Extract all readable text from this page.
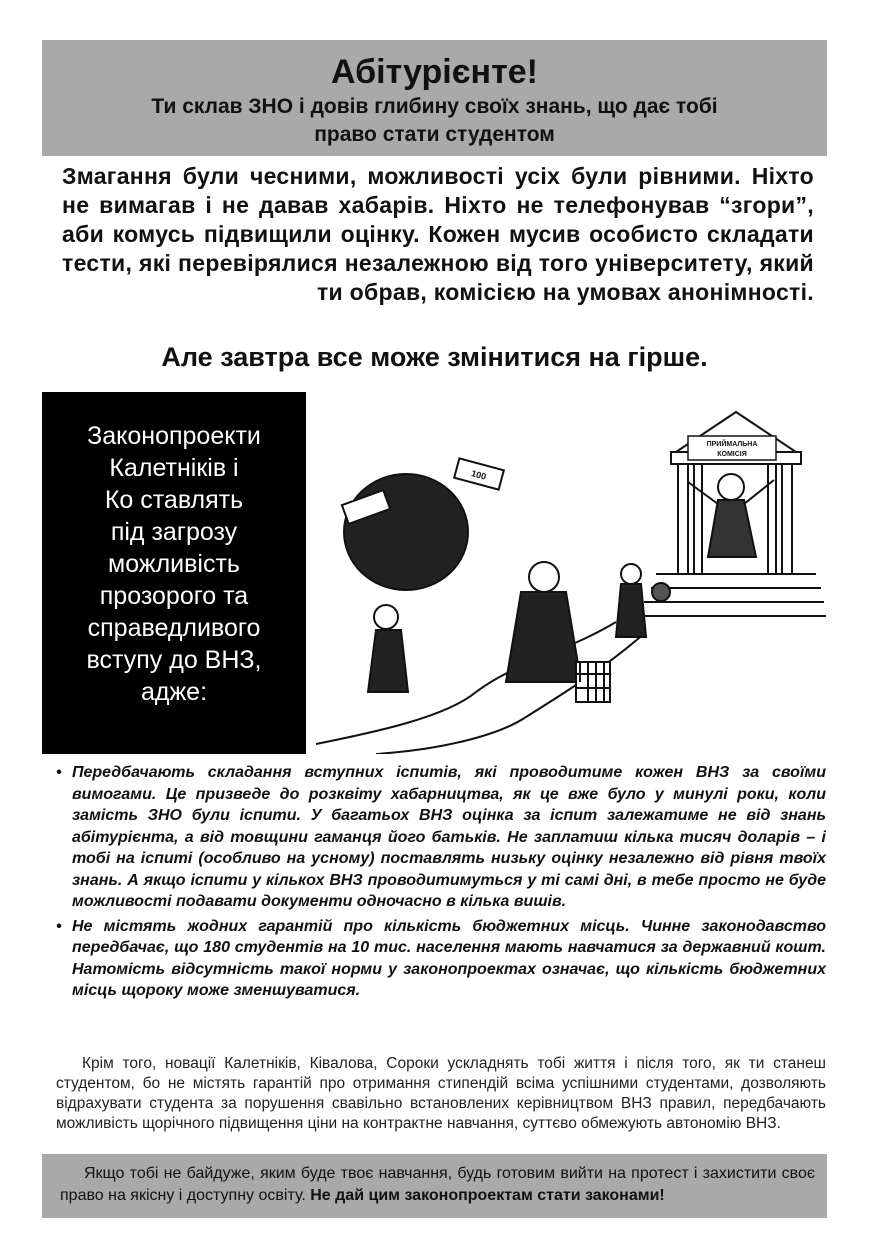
Абітурієнте!
Ти склав ЗНО і довів глибину своїх знань, що дає тобі
право стати студентом
Змагання були чесними, можливості усіх були рівними. Ніхто не вимагав і не давав хабарів. Ніхто не телефонував “згори”, аби комусь підвищили оцінку. Кожен мусив особисто складати тести, які перевірялися незалежною від того університету, який ти обрав, комісією на умовах анонімності.
Але завтра все може змінитися на гірше.
Законопроекти
Калетніків і
Ко ставлять
під загрозу
можливість
прозорого та
справедливого
вступу до ВНЗ,
адже:
ПРИЙМАЛЬНА
КОМІСІЯ
100
• Передбачають складання вступних іспитів, які проводитиме кожен ВНЗ за своїми вимогами. Це призведе до розквіту хабарництва, як це вже було у минулі роки, коли замість ЗНО були іспити. У багатьох ВНЗ оцінка за іспит залежатиме не від знань абітурієнта, а від товщини гаманця його батьків. Не заплатиш кілька тисяч доларів – і тобі на іспиті (особливо на усному) поставлять низьку оцінку незалежно від рівня твоїх знань. А якщо іспити у кількох ВНЗ проводитимуться у ті самі дні, в тебе просто не буде можливості подавати документи одночасно в кілька вишів.
• Не містять жодних гарантій про кількість бюджетних місць. Чинне законодавство передбачає, що 180 студентів на 10 тис. населення мають навчатися за державний кошт. Натомість відсутність такої норми у законопроектах означає, що кількість бюджетних місць щороку може зменшуватися.
Крім того, новації Калетніків, Ківалова, Сороки ускладнять тобі життя і після того, як ти станеш студентом, бо не містять гарантій про отримання стипендій всіма успішними студентами, дозволяють відрахувати студента за порушення свавільно встановлених керівництвом ВНЗ правил, передбачають можливість щорічного підвищення ціни на контрактне навчання, суттєво обмежують автономію ВНЗ.
Якщо тобі не байдуже, яким буде твоє навчання, будь готовим вийти на протест і захистити своє право на якісну і доступну освіту. Не дай цим законопроектам стати законами!
